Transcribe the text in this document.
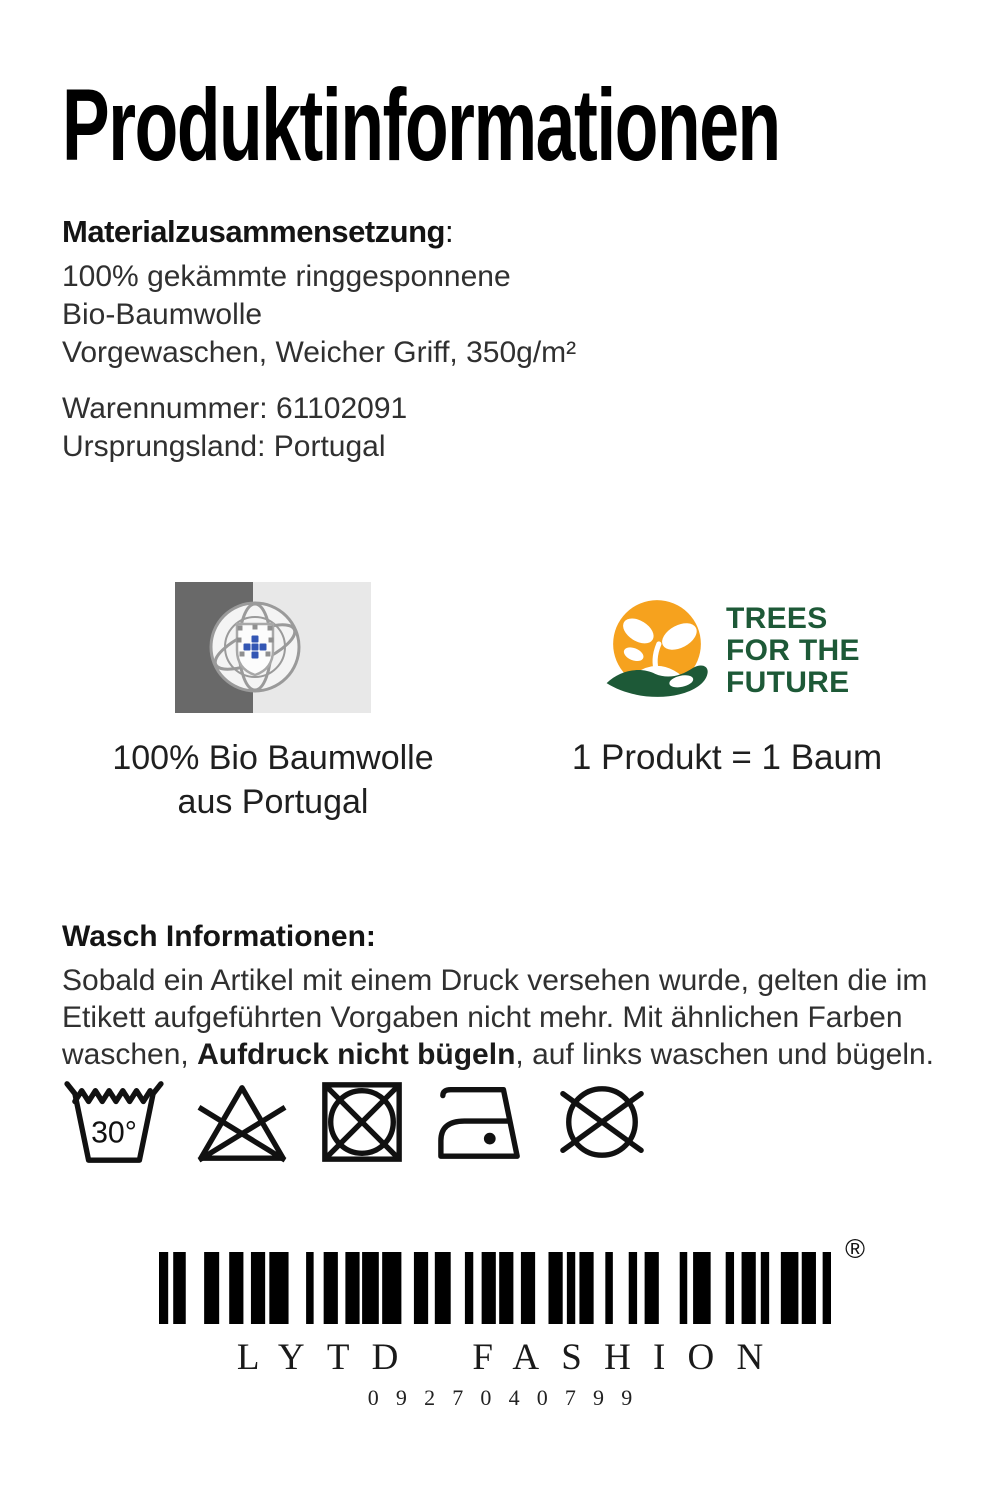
Produktinformationen

Materialzusammensetzung:

100% gekämmte ringgesponnene

Bio-Baumwolle

Vorgewaschen, Weicher Griff, 350g/m²

Warennummer: 61102091

Ursprungsland: Portugal

100% Bio Baumwolle
aus Portugal
TREES
FOR THE
FUTURE
1 Produkt = 1 Baum

Wasch Informationen:

Sobald ein Artikel mit einem Druck versehen wurde, gelten die im Etikett aufgeführten Vorgaben nicht mehr. Mit ähnlichen Farben waschen, Aufdruck nicht bügeln, auf links waschen und bügeln.

30°
®
LYTD FASHION
0927040799
